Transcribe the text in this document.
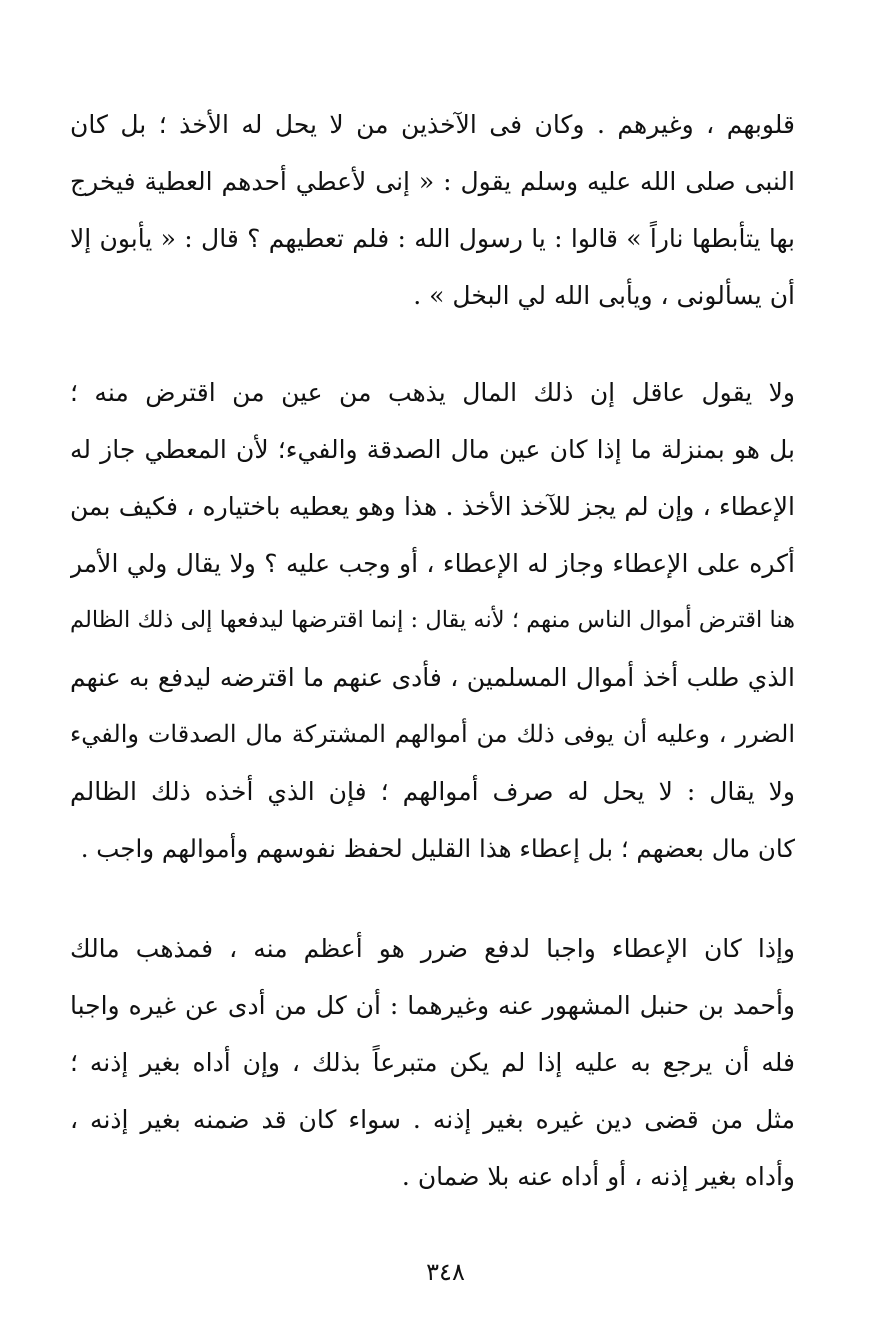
قلوبهم ، وغيرهم . وكان فى الآخذين من لا يحل له الأخذ ؛ بل كان
النبى صلى الله عليه وسلم يقول : « إنى لأعطي أحدهم العطية فيخرج
بها يتأبطها ناراً » قالوا : يا رسول الله : فلم تعطيهم ؟ قال : « يأبون إلا
أن يسألونى ، ويأبى الله لي البخل » .
ولا يقول عاقل إن ذلك المال يذهب من عين من اقترض منه ؛
بل هو بمنزلة ما إذا كان عين مال الصدقة والفيء؛ لأن المعطي جاز له
الإعطاء ، وإن لم يجز للآخذ الأخذ . هذا وهو يعطيه باختياره ، فكيف بمن
أكره على الإعطاء وجاز له الإعطاء ، أو وجب عليه ؟ ولا يقال ولي الأمر
هنا اقترض أموال الناس منهم ؛ لأنه يقال : إنما اقترضها ليدفعها إلى ذلك الظالم
الذي طلب أخذ أموال المسلمين ، فأدى عنهم ما اقترضه ليدفع به عنهم
الضرر ، وعليه أن يوفى ذلك من أموالهم المشتركة مال الصدقات والفيء
ولا يقال : لا يحل له صرف أموالهم ؛ فإن الذي أخذه ذلك الظالم
كان مال بعضهم ؛ بل إعطاء هذا القليل لحفظ نفوسهم وأموالهم واجب .
وإذا كان الإعطاء واجبا لدفع ضرر هو أعظم منه ، فمذهب مالك
وأحمد بن حنبل المشهور عنه وغيرهما : أن كل من أدى عن غيره واجبا
فله أن يرجع به عليه إذا لم يكن متبرعاً بذلك ، وإن أداه بغير إذنه ؛
مثل من قضى دين غيره بغير إذنه . سواء كان قد ضمنه بغير إذنه ،
وأداه بغير إذنه ، أو أداه عنه بلا ضمان .
٣٤٨
